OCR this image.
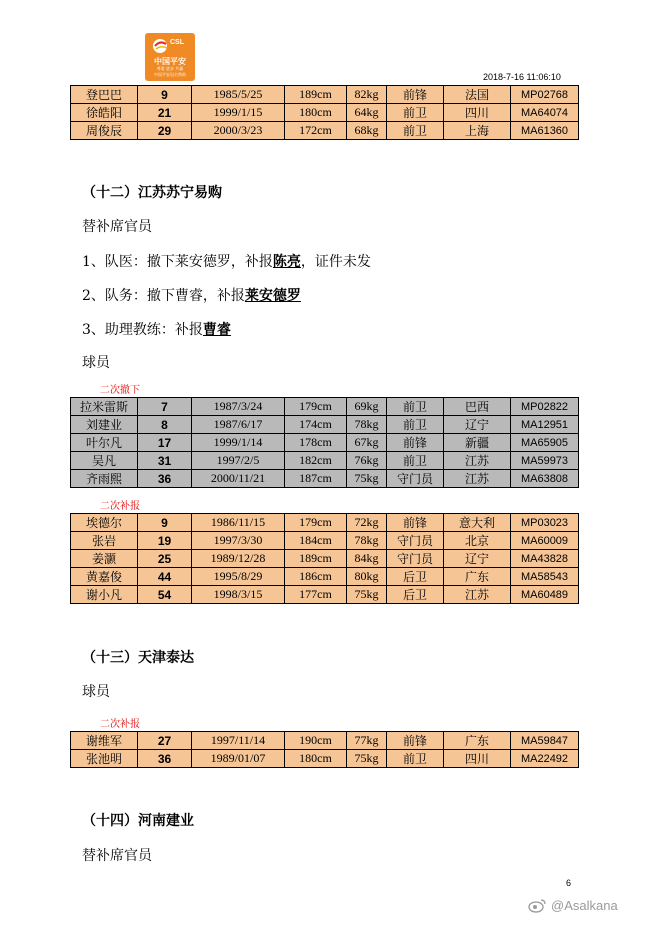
CSL
中国平安
尊重 进步 共赢
中国平安冠名赞助	2018-7-16 11:06:10
登巴巴	9	1985/5/25	189cm	82kg	前锋	法国	MP02768
徐皓阳	21	1999/1/15	180cm	64kg	前卫	四川	MA64074
周俊辰	29	2000/3/23	172cm	68kg	前卫	上海	MA61360
（十二）江苏苏宁易购
替补席官员
1、队医：撤下莱安德罗，补报陈亮，证件未发
2、队务：撤下曹睿，补报莱安德罗
3、助理教练：补报曹睿
球员
二次撤下
拉米雷斯	7	1987/3/24	179cm	69kg	前卫	巴西	MP02822
刘建业	8	1987/6/17	174cm	78kg	前卫	辽宁	MA12951
叶尔凡	17	1999/1/14	178cm	67kg	前锋	新疆	MA65905
吴凡	31	1997/2/5	182cm	76kg	前卫	江苏	MA59973
齐雨熙	36	2000/11/21	187cm	75kg	守门员	江苏	MA63808
二次补报
埃德尔	9	1986/11/15	179cm	72kg	前锋	意大利	MP03023
张岩	19	1997/3/30	184cm	78kg	守门员	北京	MA60009
姜灏	25	1989/12/28	189cm	84kg	守门员	辽宁	MA43828
黄嘉俊	44	1995/8/29	186cm	80kg	后卫	广东	MA58543
谢小凡	54	1998/3/15	177cm	75kg	后卫	江苏	MA60489
（十三）天津泰达
球员
二次补报
谢维军	27	1997/11/14	190cm	77kg	前锋	广东	MA59847
张池明	36	1989/01/07	180cm	75kg	前卫	四川	MA22492
（十四）河南建业
替补席官员
6
@Asalkana
